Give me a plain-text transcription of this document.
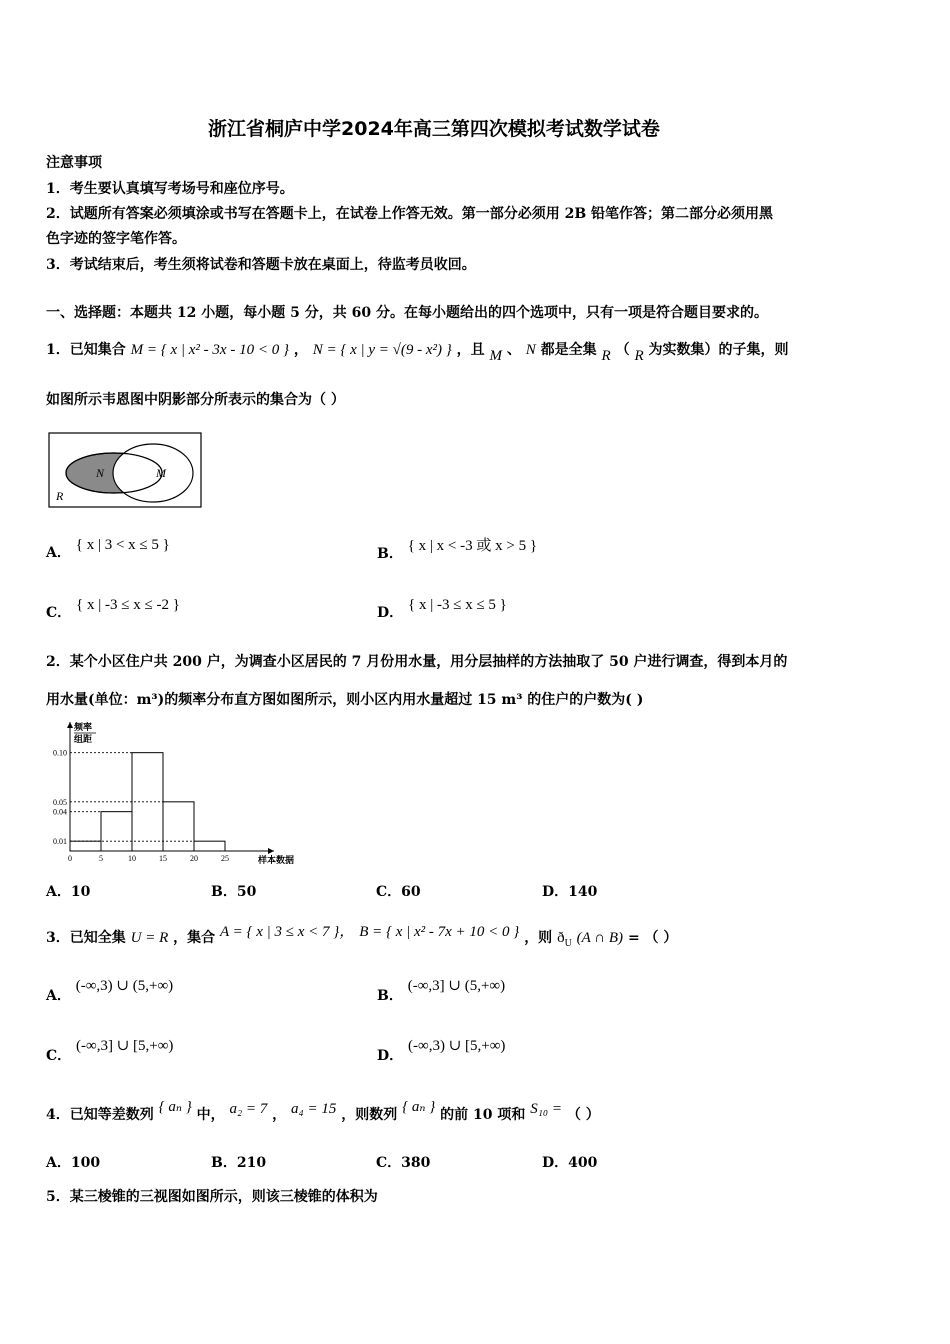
浙江省桐庐中学2024年高三第四次模拟考试数学试卷
注意事项
1．考生要认真填写考场号和座位序号。
2．试题所有答案必须填涂或书写在答题卡上，在试卷上作答无效。第一部分必须用 2B 铅笔作答；第二部分必须用黑
色字迹的签字笔作答。
3．考试结束后，考生须将试卷和答题卡放在桌面上，待监考员收回。
一、选择题：本题共 12 小题，每小题 5 分，共 60 分。在每小题给出的四个选项中，只有一项是符合题目要求的。
1．已知集合 M = { x | x² - 3x - 10 < 0 } ， N = { x | y = √(9 - x²) } ，且 M 、 N 都是全集 R （ R 为实数集）的子集，则
如图所示韦恩图中阴影部分所表示的集合为（ ）
N	M
R
A． { x | 3 < x ≤ 5 }
B． { x | x < -3 或 x > 5 }
C． { x | -3 ≤ x ≤ -2 }	D． { x | -3 ≤ x ≤ 5 }
2．某个小区住户共 200 户，为调查小区居民的 7 月份用水量，用分层抽样的方法抽取了 50 户进行调查，得到本月的
用水量(单位：m³)的频率分布直方图如图所示，则小区内用水量超过 15 m³ 的住户的户数为( )
0.10
0.05
0.04
0.01
0	5	10	15	20	25
频率
组距
样本数据
A．10	B．50	C．60	D．140
3．已知全集 U = R ，集合 A = { x | 3 ≤ x < 7 }， B = { x | x² - 7x + 10 < 0 } ，则 $ð_U$ (A ∩ B) = （ ）
A． (-∞,3) ∪ (5,+∞)
B． (-∞,3] ∪ (5,+∞)
C． (-∞,3] ∪ [5,+∞)
D． (-∞,3) ∪ [5,+∞)
4．已知等差数列 { aₙ } 中， a₂ = 7 ， a₄ = 15 ，则数列 { aₙ } 的前 10 项和 S₁₀ = （ ）
A．100	B．210	C．380	D．400
5．某三棱锥的三视图如图所示，则该三棱锥的体积为
